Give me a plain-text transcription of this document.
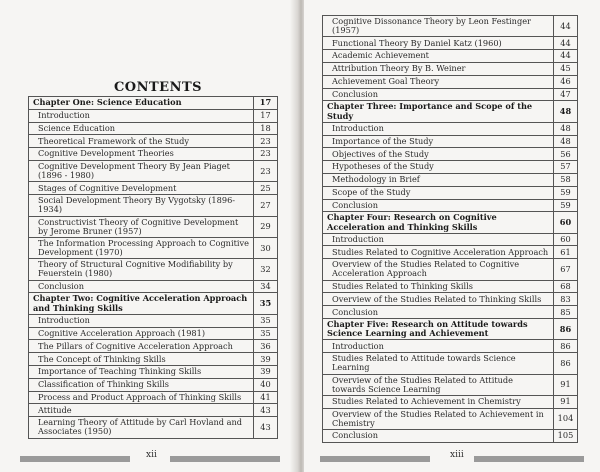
CONTENTS
Chapter One: Science Education	17
Introduction	17
Science Education	18
Theoretical Framework of the Study	23
Cognitive Development Theories	23
Cognitive Development Theory By Jean Piaget (1896 - 1980)	23
Stages of Cognitive Development	25
Social Development Theory By Vygotsky (1896- 1934)	27
Constructivist Theory of Cognitive Development by Jerome Bruner (1957)	29
The Information Processing Approach to Cognitive Development (1970)	30
Theory of Structural Cognitive Modifiability by Feuerstein (1980)	32
Conclusion	34
Chapter Two: Cognitive Acceleration Approach and Thinking Skills	35
Introduction	35
Cognitive Acceleration Approach (1981)	35
The Pillars of Cognitive Acceleration Approach	36
The Concept of Thinking Skills	39
Importance of Teaching Thinking Skills	39
Classification of Thinking Skills	40
Process and Product Approach of Thinking Skills	41
Attitude	43
Learning Theory of Attitude by Carl Hovland and Associates (1950)	43
xii
Cognitive Dissonance Theory by Leon Festinger (1957)	44
Functional Theory By Daniel Katz (1960)	44
Academic Achievement	44
Attribution Theory By B. Weiner	45
Achievement Goal Theory	46
Conclusion	47
Chapter Three: Importance and Scope of the Study	48
Introduction	48
Importance of the Study	48
Objectives of the Study	56
Hypotheses of the Study	57
Methodology in Brief	58
Scope of the Study	59
Conclusion	59
Chapter Four: Research on Cognitive Acceleration and Thinking Skills	60
Introduction	60
Studies Related to Cognitive Acceleration Approach	61
Overview of the Studies Related to Cognitive Acceleration Approach	67
Studies Related to Thinking Skills	68
Overview of the Studies Related to Thinking Skills	83
Conclusion	85
Chapter Five: Research on Attitude towards Science Learning and Achievement	86
Introduction	86
Studies Related to Attitude towards Science Learning	86
Overview of the Studies Related to Attitude towards Science Learning	91
Studies Related to Achievement in Chemistry	91
Overview of the Studies Related to Achievement in Chemistry	104
Conclusion	105
xiii
